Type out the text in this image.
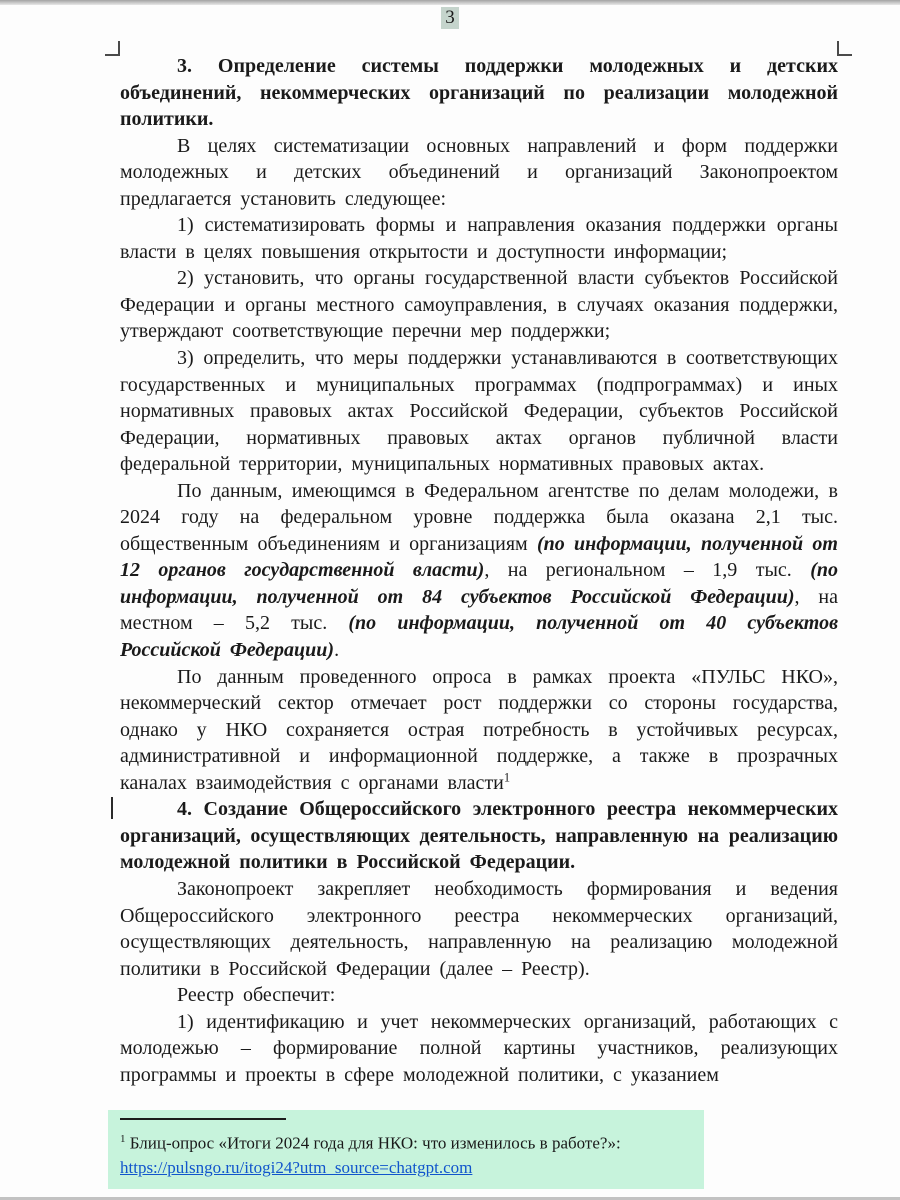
3

3. Определение системы поддержки молодежных и детских объединений, некоммерческих организаций по реализации молодежной политики.

В целях систематизации основных направлений и форм поддержки молодежных и детских объединений и организаций Законопроектом предлагается установить следующее:

1) систематизировать формы и направления оказания поддержки органы власти в целях повышения открытости и доступности информации;

2) установить, что органы государственной власти субъектов Российской Федерации и органы местного самоуправления, в случаях оказания поддержки, утверждают соответствующие перечни мер поддержки;

3) определить, что меры поддержки устанавливаются в соответствующих государственных и муниципальных программах (подпрограммах) и иных нормативных правовых актах Российской Федерации, субъектов Российской Федерации, нормативных правовых актах органов публичной власти федеральной территории, муниципальных нормативных правовых актах.

По данным, имеющимся в Федеральном агентстве по делам молодежи, в 2024 году на федеральном уровне поддержка была оказана 2,1 тыс. общественным объединениям и организациям (по информации, полученной от 12 органов государственной власти), на региональном – 1,9 тыс. (по информации, полученной от 84 субъектов Российской Федерации), на местном – 5,2 тыс. (по информации, полученной от 40 субъектов Российской Федерации).

По данным проведенного опроса в рамках проекта «ПУЛЬС НКО», некоммерческий сектор отмечает рост поддержки со стороны государства, однако у НКО сохраняется острая потребность в устойчивых ресурсах, административной и информационной поддержке, а также в прозрачных каналах взаимодействия с органами власти$^1$

4. Создание Общероссийского электронного реестра некоммерческих организаций, осуществляющих деятельность, направленную на реализацию молодежной политики в Российской Федерации.

Законопроект закрепляет необходимость формирования и ведения Общероссийского электронного реестра некоммерческих организаций, осуществляющих деятельность, направленную на реализацию молодежной политики в Российской Федерации (далее – Реестр).

Реестр обеспечит:

1) идентификацию и учет некоммерческих организаций, работающих с молодежью – формирование полной картины участников, реализующих программы и проекты в сфере молодежной политики, с указанием

$^1$ Блиц-опрос «Итоги 2024 года для НКО: что изменилось в работе?»:
https://pulsngo.ru/itogi24?utm_source=chatgpt.com
